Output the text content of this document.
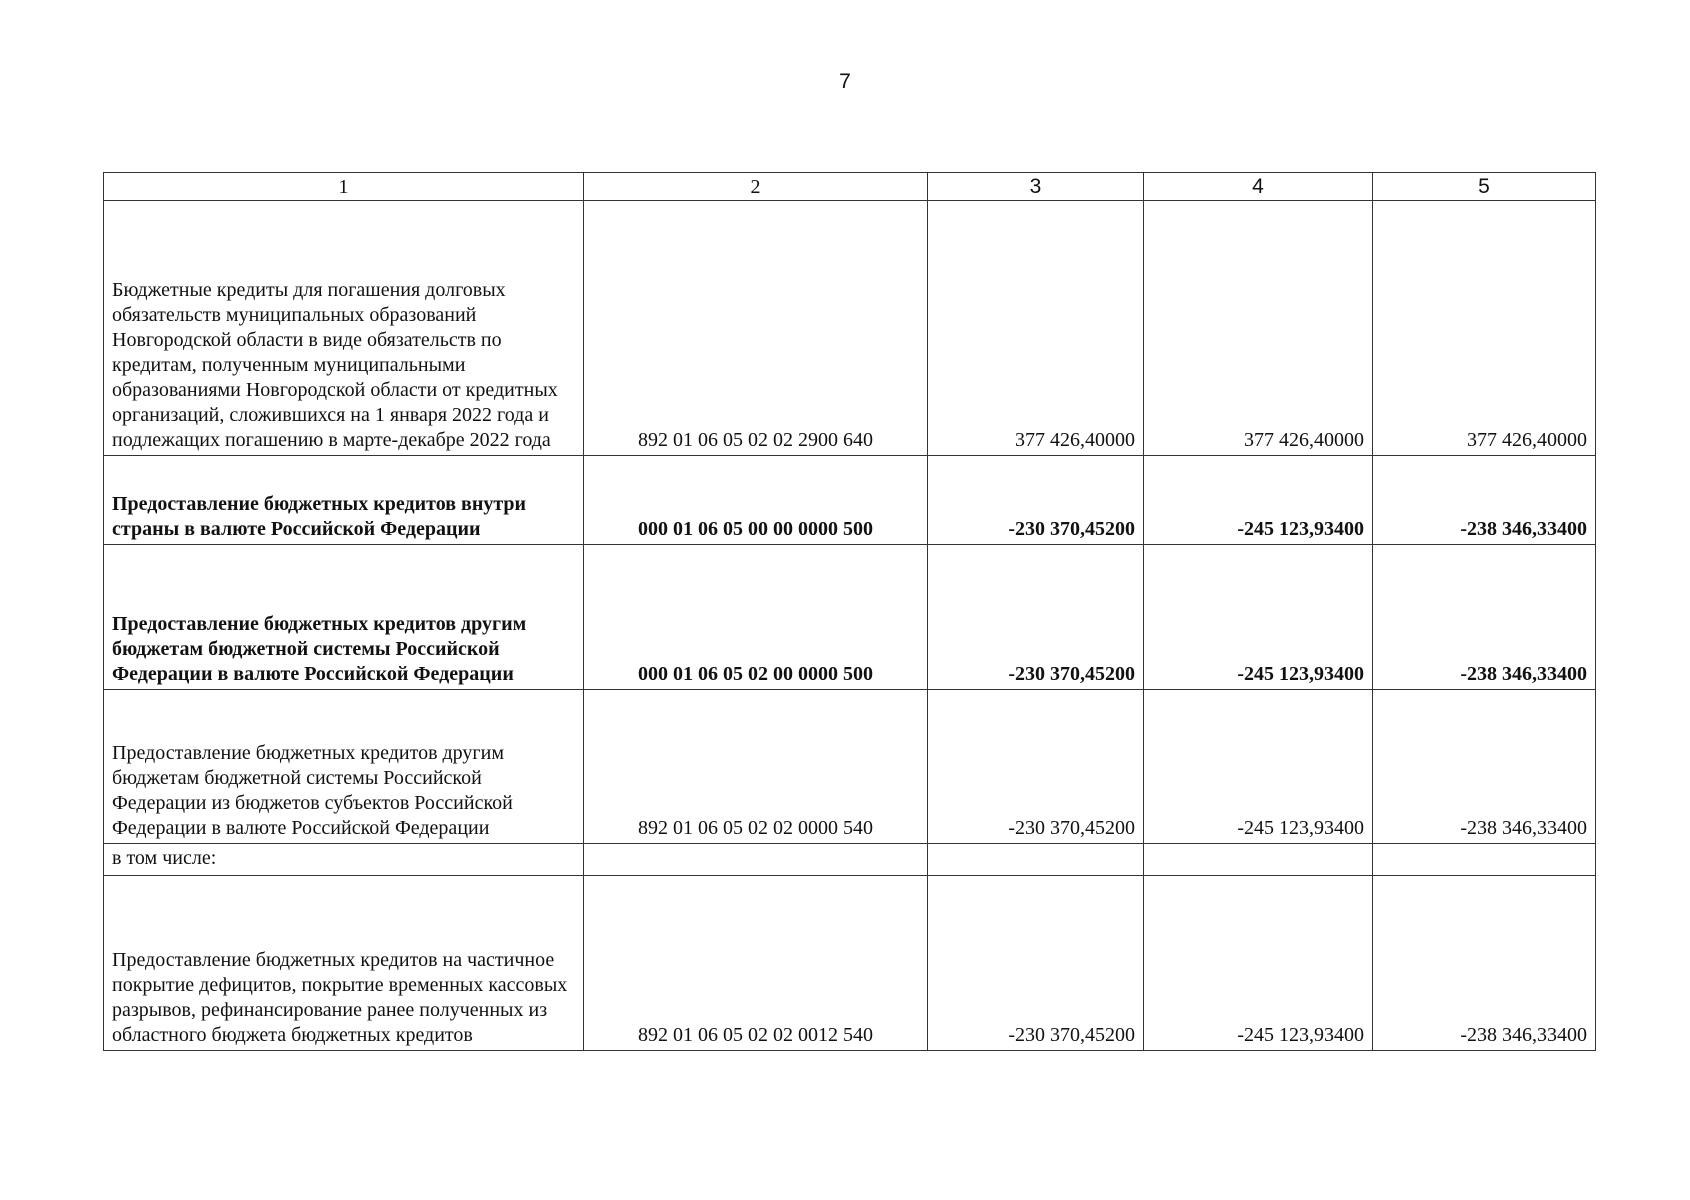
7
1	2	3	4	5
Бюджетные кредиты для погашения долговых обязательств муниципальных образований Новгородской области в виде обязательств по кредитам, полученным муниципальными образованиями Новгородской области от кредитных организаций, сложившихся на 1 января 2022 года и подлежащих погашению в марте-декабре 2022 года	892 01 06 05 02 02 2900 640	377 426,40000	377 426,40000	377 426,40000
Предоставление бюджетных кредитов внутри страны в валюте Российской Федерации	000 01 06 05 00 00 0000 500	-230 370,45200	-245 123,93400	-238 346,33400
Предоставление бюджетных кредитов другим бюджетам бюджетной системы Российской Федерации в валюте Российской Федерации	000 01 06 05 02 00 0000 500	-230 370,45200	-245 123,93400	-238 346,33400
Предоставление бюджетных кредитов другим бюджетам бюджетной системы Российской Федерации из бюджетов субъектов Российской Федерации в валюте Российской Федерации	892 01 06 05 02 02 0000 540	-230 370,45200	-245 123,93400	-238 346,33400
в том числе:				
Предоставление бюджетных кредитов на частичное покрытие дефицитов, покрытие временных кассовых разрывов, рефинансирование ранее полученных из областного бюджета бюджетных кредитов	892 01 06 05 02 02 0012 540	-230 370,45200	-245 123,93400	-238 346,33400
